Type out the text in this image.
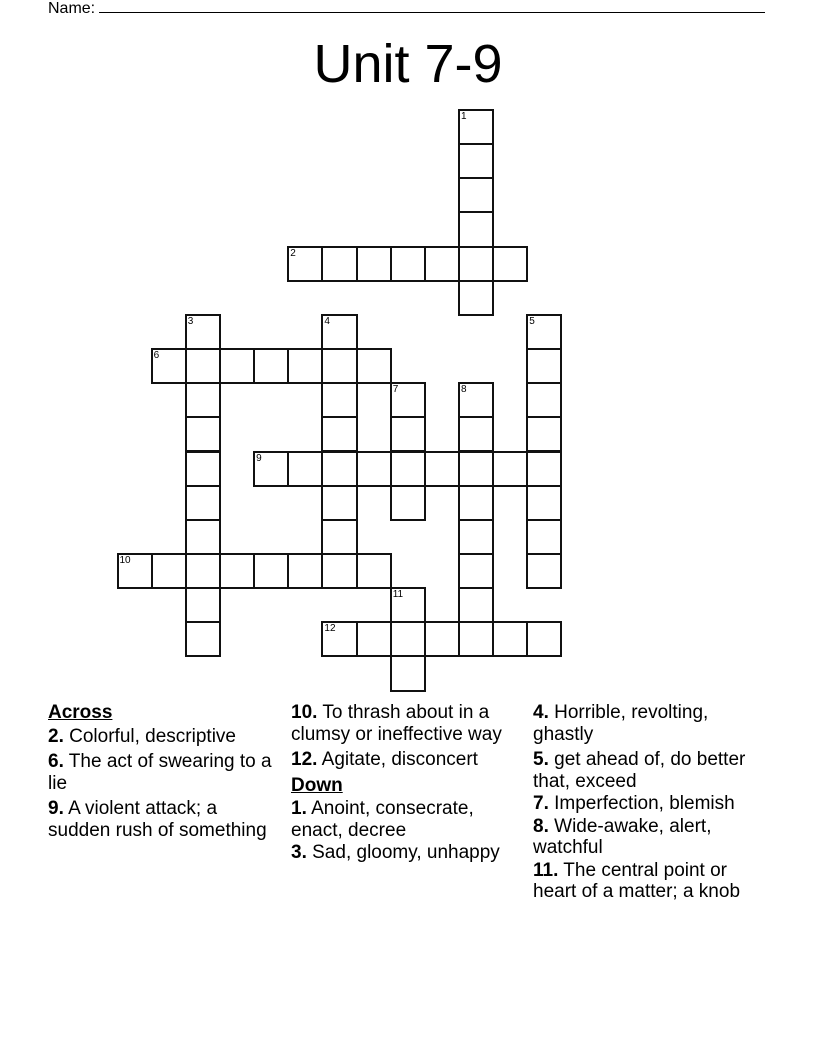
Name:
Unit 7-9
1
2
3	4	5
6
7	8
9
10
11
12
Across
2. Colorful, descriptive
6. The act of swearing to a lie
9. A violent attack; a sudden rush of something
10. To thrash about in a clumsy or ineffective way
12. Agitate, disconcert
Down
1. Anoint, consecrate, enact, decree
3. Sad, gloomy, unhappy
4. Horrible, revolting, ghastly
5. get ahead of, do better that, exceed
7. Imperfection, blemish
8. Wide-awake, alert, watchful
11. The central point or heart of a matter; a knob
